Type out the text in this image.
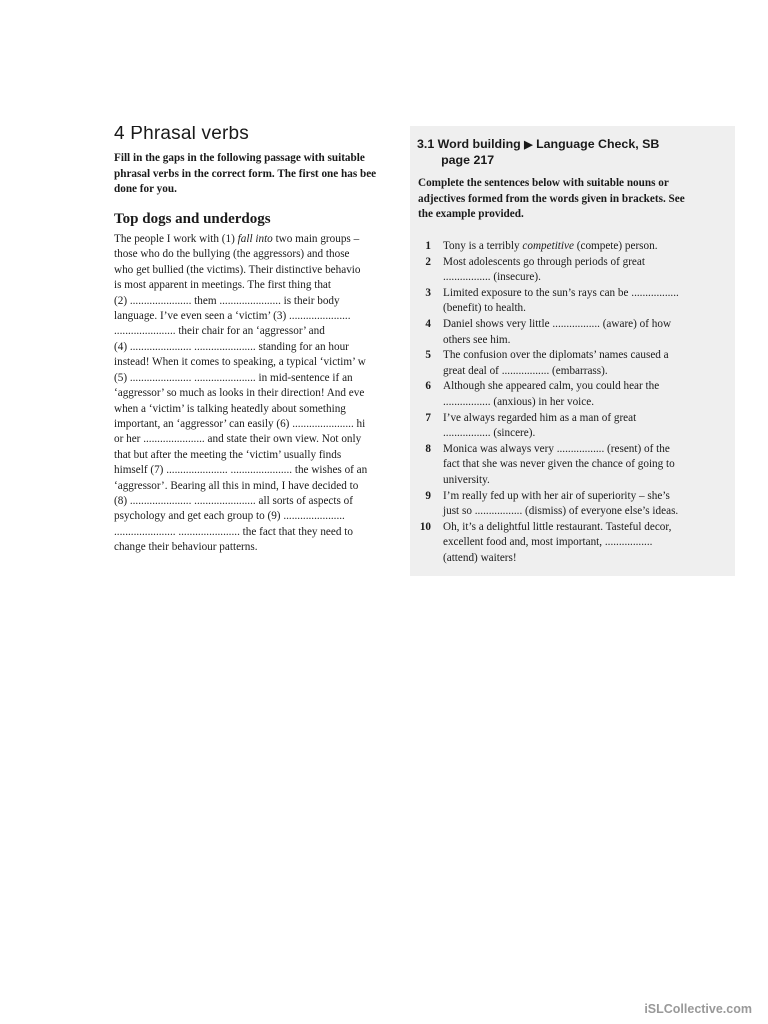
4 Phrasal verbs
Fill in the gaps in the following passage with suitable
phrasal verbs in the correct form. The first one has bee
done for you.
Top dogs and underdogs
The people I work with (1) fall into two main groups –
those who do the bullying (the aggressors) and those
who get bullied (the victims). Their distinctive behavio
is most apparent in meetings. The first thing that
(2) ...................... them ...................... is their body
language. I’ve even seen a ‘victim’ (3) ......................
...................... their chair for an ‘aggressor’ and
(4) ...................... ...................... standing for an hour
instead! When it comes to speaking, a typical ‘victim’ w
(5) ...................... ...................... in mid-sentence if an
‘aggressor’ so much as looks in their direction! And eve
when a ‘victim’ is talking heatedly about something
important, an ‘aggressor’ can easily (6) ...................... hi
or her ...................... and state their own view. Not only
that but after the meeting the ‘victim’ usually finds
himself (7) ...................... ...................... the wishes of an
‘aggressor’. Bearing all this in mind, I have decided to
(8) ...................... ...................... all sorts of aspects of
psychology and get each group to (9) ......................
...................... ...................... the fact that they need to
change their behaviour patterns.
3.1 Word building ▶ Language Check, SB
page 217
Complete the sentences below with suitable nouns or
adjectives formed from the words given in brackets. See
the example provided.
1 Tony is a terribly competitive (compete) person.
2 Most adolescents go through periods of great
................. (insecure).
3 Limited exposure to the sun’s rays can be .................
(benefit) to health.
4 Daniel shows very little ................. (aware) of how
others see him.
5 The confusion over the diplomats’ names caused a
great deal of ................. (embarrass).
6 Although she appeared calm, you could hear the
................. (anxious) in her voice.
7 I’ve always regarded him as a man of great
................. (sincere).
8 Monica was always very ................. (resent) of the
fact that she was never given the chance of going to
university.
9 I’m really fed up with her air of superiority – she’s
just so ................. (dismiss) of everyone else’s ideas.
10 Oh, it’s a delightful little restaurant. Tasteful decor,
excellent food and, most important, .................
(attend) waiters!
iSLCollective.com
